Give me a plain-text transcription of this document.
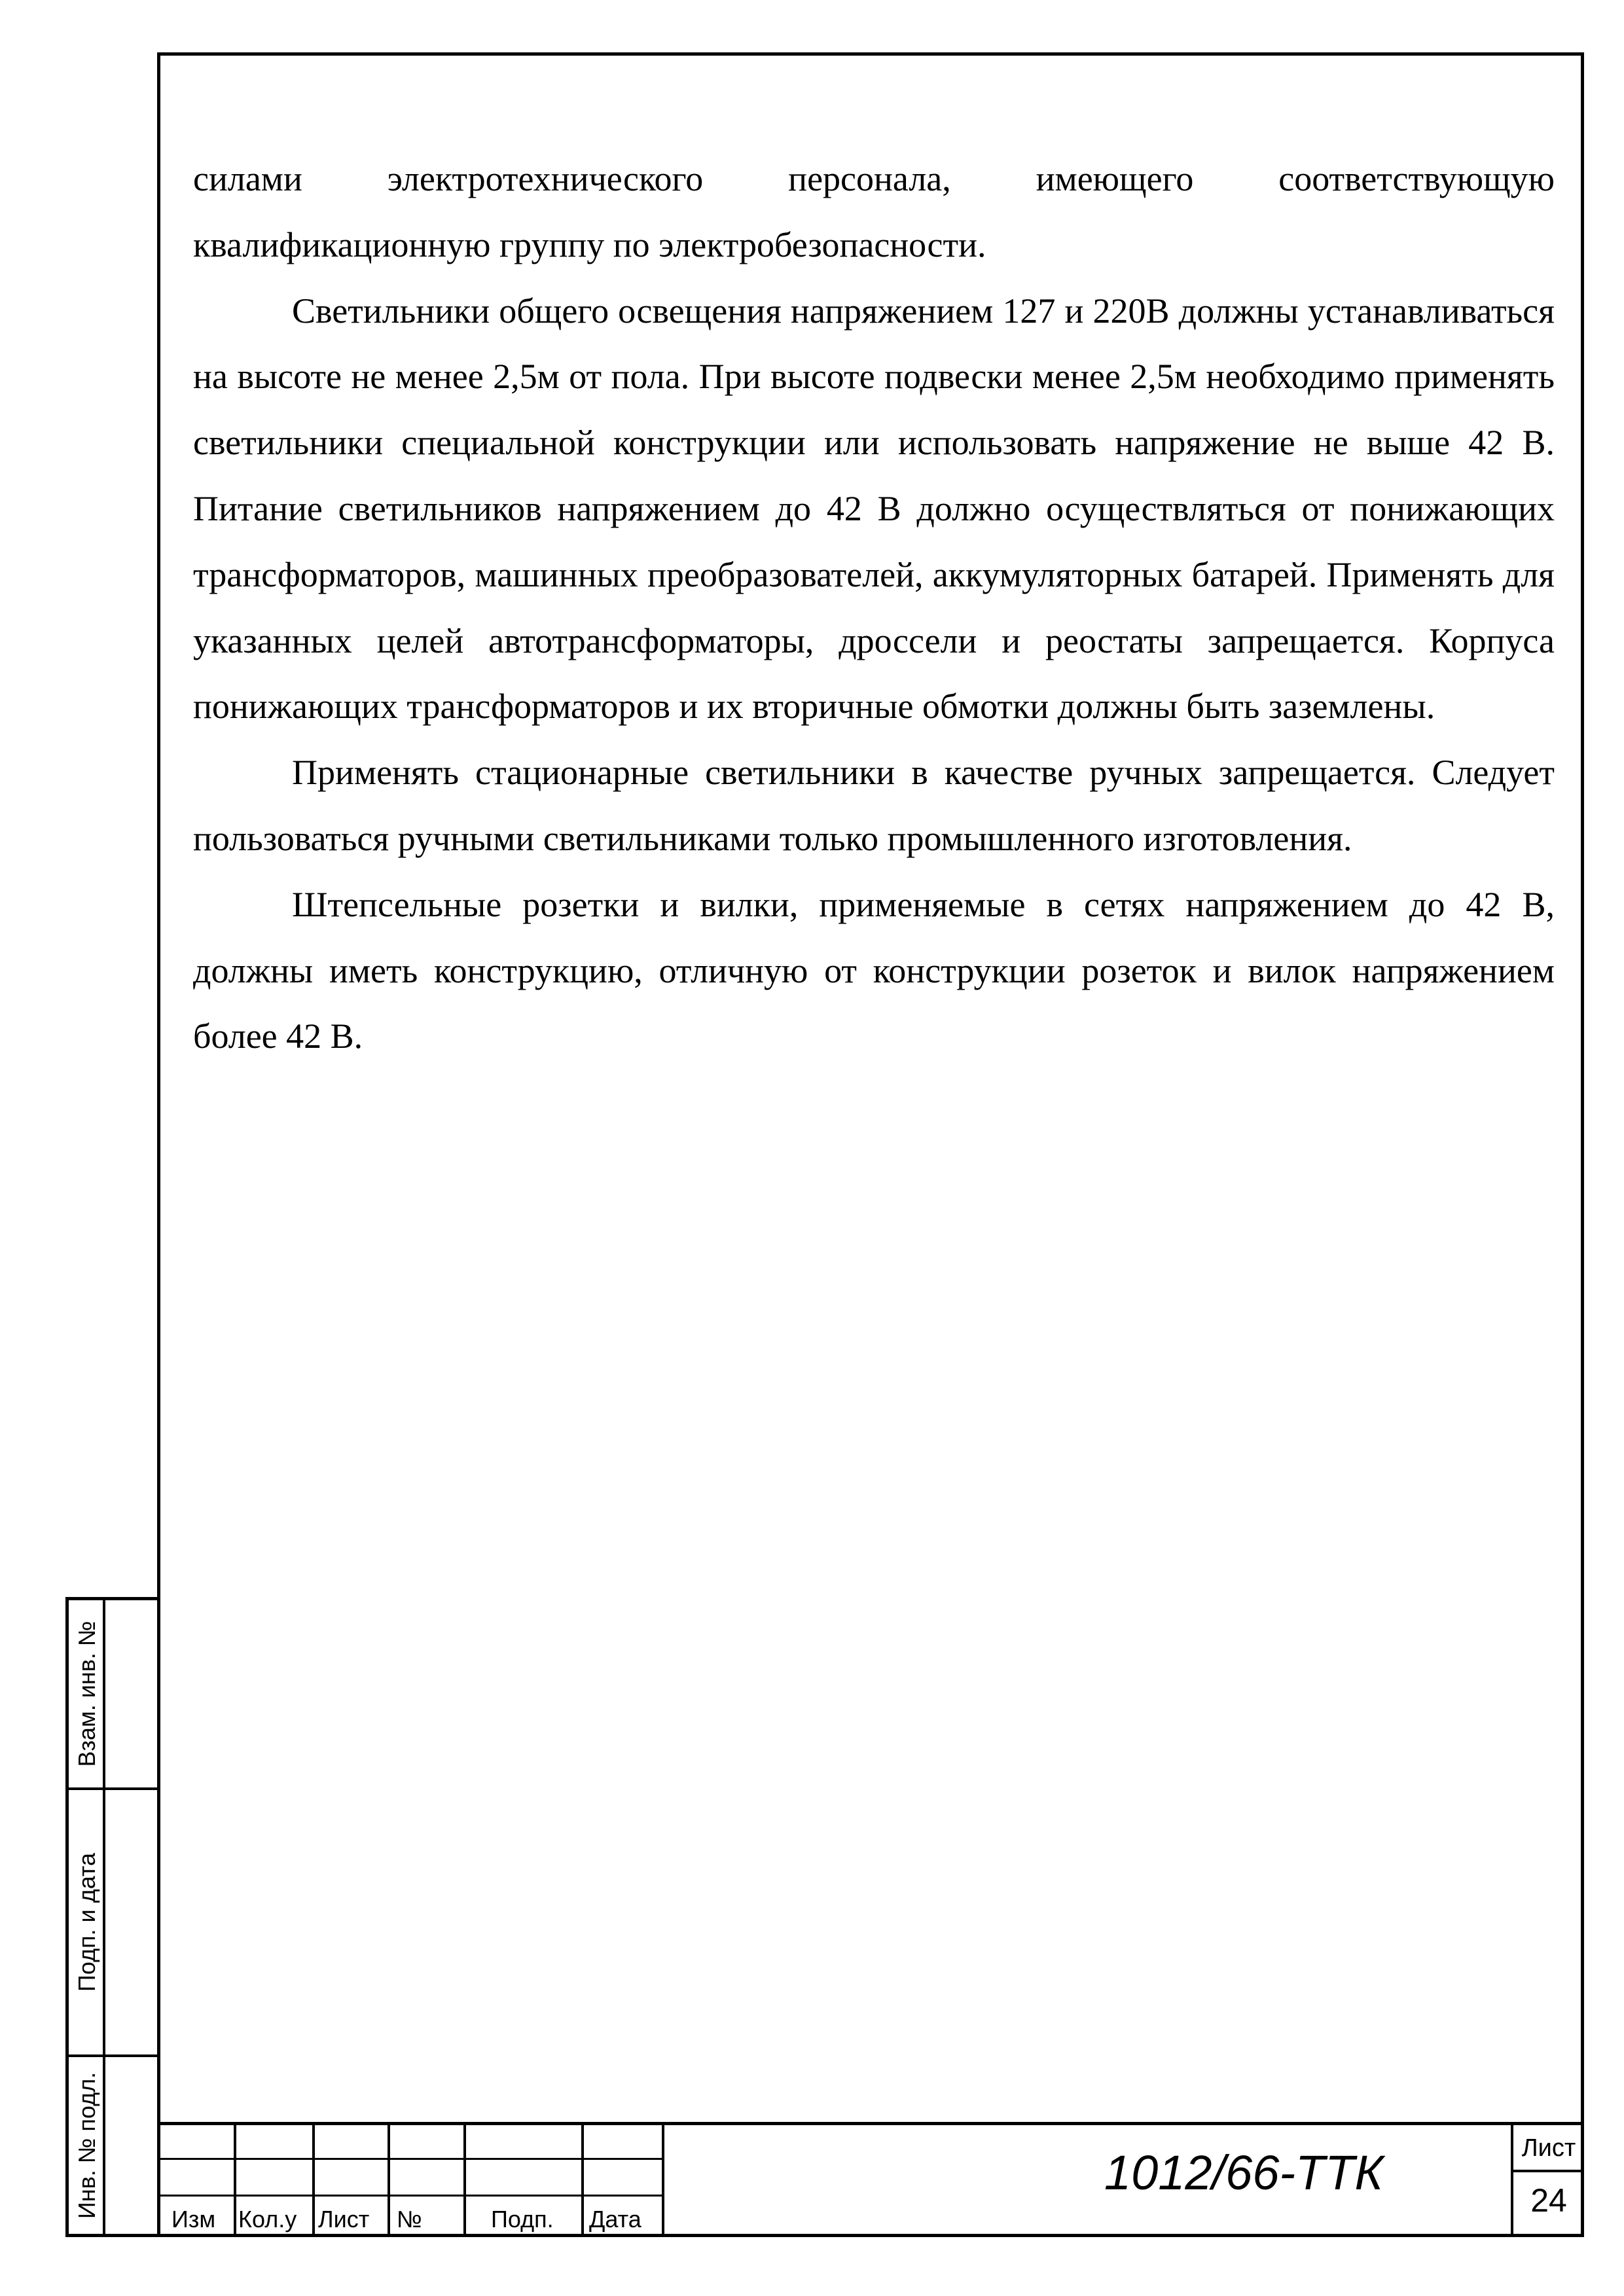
силами электротехнического персонала, имеющего соответствующую квалификационную группу по электробезопасности.

Светильники общего освещения напряжением 127 и 220В должны устанавливаться на высоте не менее 2,5м от пола. При высоте подвески менее 2,5м необходимо применять светильники специальной конструкции или использовать напряжение не выше 42 В. Питание светильников напряжением до 42 В должно осуществляться от понижающих трансформаторов, машинных преобразователей, аккумуляторных батарей. Применять для указанных целей автотрансформаторы, дроссели и реостаты запрещается. Корпуса понижающих трансформаторов и их вторичные обмотки должны быть заземлены.

Применять стационарные светильники в качестве ручных запрещается. Следует пользоваться ручными светильниками только промышленного изготовления.

Штепсельные розетки и вилки, применяемые в сетях напряжением до 42 В, должны иметь конструкцию, отличную от конструкции розеток и вилок напряжением более 42 В.

Взам. инв. №
Подп. и дата
Инв. № подл.
Изм Кол.у Лист №	Подп. Дата
1012/66-ТТК	Лист
24
